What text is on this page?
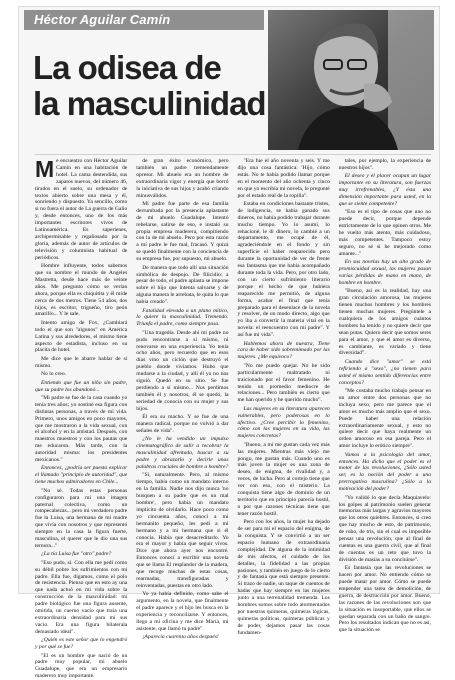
Héctor Aguilar Camín
La odisea de
la masculinidad

Me encuentro con Héctor Aguilar Camín en una habitación de hotel. La cama destendida, sus zapatos nuevos, del número 46, tirados en el suelo, su ordenador de textos abierto sobre una mesa y él, sonriendo y dispuesto. Ya sencillo, como si no fuera el autor de La guerra de Galio y, desde entonces, uno de los más importantes escritores vivos de Latinoamérica. Es saperienes, archipermisable y regañosado por la gloria, además de autor de artículos de televisión y columnista habitual de periódicos.

Hombre influyente, todos sabemos que su nombre el mundo de Angeles Mastretta, desde hace más de veinte años. Me pregunto cómo se verían ahora, porque ella es chiquitita y él mide cerca de dos metros. Tiene 54 años, dos hijos, es escritor, trigueño, tiro peón amarillo... Y le sale.

Intento amigo de Fox, ¿Cambiará todo el que son "algunos" en América Latina y sus alrededores, el mismo tiene aspecto de estadista, incluso en su placita de hotel.

Me dice que le abarre hablar de sí mismo.

No lo creo.

Entiendo que fue un niño sin padre, que su padre los abandonó...

"Mi padre se fue de la casa cuando yo tenía tres años; yo sostiné esa figura con distintas personas, a través de mi vida. Primero, unos amigos en poco mayores, que me mostraron a la vida sexual, con el alcohol y en la amistad. Después, con maestros muestros y con los pautas que me educaron. Más tarde, con la autoridad misma: los presidentes mexicanos."

Entonces, ¿podría ser puesta explicar el llamado "principio de autoridad", que tiene muchos admiradores en Chile...

"No sé. Todas estas personas configuraron para mí una imagen paternal colectiva, como un rompecabezas... pero mi verdadero padre fue la Luisa, una hermana de mi madre que vivía con nosotros y que representó siempre en la casa la figura fuerte, masculina, el querer que le dio una sus ternura..."

¿La tía Luisa fue "otro" padre?

"Eso pudo, sí. Con ella me pedí como su débil pobre los sufrimientos con mi padre. Ella fue, digamos, como el polo de resistencia. Pienso que en esto ay una que nada actuó en mi vida sobre la construcción de la masculinidad: mi padre biológico fue una figura ausente, omitida, un cuerno vacío que traía una extraordinaria densidad para mí sus vacío. Era una figura bilaterala demasiado ideal".

¿Quién es este señor que lo engendró y por qué se fue?

"El es un hombre que nació de un padre muy popular, mi abuelo Guadalupe, que era un empresario maderero muy importante.

de gran éxito económico, pero también un padre tremendamente opresor. Mi abuelo era un hombre de extraordinaria vigor y energía que borró la iniciativa de sus hijos y acabó criando minusválidos.

Mi padre fue parte de esa familia derrumbada por la presencia aplastante de mi abuelo Guadalupe. Intentó rebelarse, salirse de eso, e instaló su propia empresa maderera, compitiendo con la de mi abuelo. Pero por esta razón a mí padre le fue mal, fracasó. Y quizá se quedó finalmente con la conciencia de su empresa fue, por supuesto, mi abuelo.

De manera que todo allí una situación simbólica de despojo. De filicidio: a pesar de todo, el padre aplasta se impone sobre el hijo que intenta salvarse y de alguna manera le arrebata, le quita lo que había creado".

Fatalidad elevada a un plano mítico, lo quiere la masculinidad. Tremendo. Triunfa el padre, como siempre pasa.

"Una tragedia. Desde ahí mi padre no pudo rencontrarse a sí mismo, ni renovarse en una experiencia. Yo tenía ocho años, pero recuerdo que en esos días vino un ciclón que destruyó el pueblo donde vivíamos. Hubo que mudarse a la ciudad, y allí él ya no nos siguió. Quedó en su sitio. Se fue perdiendo a sí mismo... Nos perdimos también él y nosotros, él se quedó, la seriedad de conocía con su mujer y sus hijos.

Él era su macho. Y se fue de una manera radical, porque no volvió a dar señales de vida".

¿No le ha vendido un impulso cinematográfico de salir a recobrar la masculinidad afrentada, buscar a su padre y abrazarlo y decirle unas palabras cruciales de hombre a hombre?

"Sí, naturalmente. Pero, al mismo tiempo, había como un mandato interno en la familia. Nadie nos dijo nunca 'no busquen a su padre que es un mal hombre', pero había un mandato implícito de olvidarlo. Hace poco como yo cincuenta años, conocí a mi hermanito pequeño, les pedí a mi hermano y a mi hermana que si él conocía. Había que desacreditarlo. Yo era el mayor y había que seguir vivos. Dice que ahora ayer nos encontré. Entonces conocí a escribir una novela que se llama El resplandor de la madera, que recoge muchas de estas cosas, rearmadas, transfiguradas y reinventadas, puestas en otro lado.

Yo ya había definido, como sabe el argumento, en la novela, que finalmente el padre aparece y el hijo les busca en la experiencia y reconciliarse. Y entonces, llego a mi oficina y me dice María, mi asistente, que llamó tu padre".

¡Aparecía cuarenta años después!

"Era fue el año noventa y seis. Y me dijo una cosa fantástica: 'Hijo, cómo estás. No te había podido llamar porque en el momento del año ochenta y cinco en que yo escribía mi novela, le pregunté por el estado real de la ropilla".

Estaba en condiciones bastante tristes, de indigencia, se había ganado sus dineros, no había podido trabajar durante mucho tiempo. Yo lo asumí, lo rehacioné, le di dinero, lo cambié a un departamento, me ocupé de él, agradeciéndole en el fondo y sin superficie el haber reaparecido pero durante la oportunidad de ver de frente esa fantasma que me había acompañado durante toda la vida. Pero, por otro lado, con un cierto sufrimiento literario porque el hecho de que hubiera reaparecido me permitió, de alguna forma, acabar el final que tenía preparado para el desenlace de la novela y resolver, de un modo directo, algo que yo iba a convertir la materia vital en la novela: el reencuentro con mi padre". Y así fue mi vida".

Hablemos ahora de nuestra, Tiene cara de haber sido sobremimado por las mujeres. ¿Me equivoco?

"No me puedo quejar. No he sido particularmente maltratado ni traicionado por el favor femenino. He tenido un promedio mediocre de relaciones... Pero también es cierto que me han querido y he querido mucho".

Las mujeres en su literatura aparecen vulnerables, pero poderosas en lo afectivo. ¿Cree percibir lo femenino, cómo son las mujeres en su vida, las mujeres concretas?

"Bueno, a mí me gustan cada vez más las mujeres. Mientras más viejo me pongo, me gustan más. Cuando uno es más joven la mujer es una zona de deseo, de enigma, de rivalidad y, a veces, de lucha. Pero al cortejo tiene que ver con eso, con el misterio. La conquista tiene algo de dominio de un territorio que en principio parecía hostil, o por que razones técnicas tiene que tener razón hostil.

Pero con los años, la mujer ha dejado de ser para mí el espacio del enigma, de la conquista. Y se convirtió a un ser espacio humano de extraordinaria complejidad. De alguna de la intimidad de mis afectos, el cuidado de los detalles, la fidelidad a las propias pasiones, y también en juego de lo cierto y de fantasía que está siempre presente. Si trazo de nadie, un taque de cuentos de hadas que hay siempre en las mujeres junto a una terrenalidad tremenda. Los hombres somos sobre todo atormentados por nuestras quimeras, quimeras lógicas, quimeras políticas, quimeras públicas y de poder, dejamos pasar las cosas fundamen-

tales, por ejemplo, la experiencia de nuestros hijos".

El deseo y el placer ocupan un lugar importante en su literatura, son fuerzas muy irrefrenables, ¿Y ésta una dimensión importante para usted, en la que se siente competente?

"Eso es el tipo de cosas que uno no puede decir, porque depende estrictamente de lo que opinen otros. Me he vuelto más atento, más cuidadoso, más competentes. Tampoco estoy seguro, no sé si he mejorado como amante..."

En sus novelas hay un alto grado de promiscuidad sexual, las mujeres pasan varias pérdidas de mano en mano, de hombre en hombre.

"Bueno, así es la realidad, hay una gran circulación amorosa, las mujeres tienen muchos hombres y los hombres tienen muchas mujeres. Pregúntele a cualquiera de los amigos cuántos hombres ha tenido y no quiere decir que sean putas. Quiero decir que somos seres para el amor, y que el amor es diverso, es cambiante, es variado y tiene diversidad".

Cuando dice "amor" se está refiriendo a "sexo", ¿no tienen para usted el mismo sentido diferencias entre conceptos?

"Me costaba mucho trabajo pensar en un amor entre dos personas que no incluya sexo, pero me parece que el amor es mucho más amplio que el sexo. Puede haber una relación extraordinariamente sexual, y esto no quiere decir que haya realmente un orden amoroso en esa pareja. Pero el amor incluye lo erótico siempre".

Vamos a la psicología del amor, entonces. Ha dicho que el poder es el motor de las revoluciones, ¿Sólo usted ser, es la noción del poder a una prerrogativa masculina? ¿Sólo a la motivación del poder?

"Yo validó lo que decía Maquiavelo: los golpes al patrimonio suelen generar memorias más largas y agravios mayores que los otros quiebres. Entonces, si creo que hay mucho de esto, de patrimonio, de robo, de tris, sin el cual es imposible pensar una revolución, que al final de cuentas es una guerra civil, que al final de cuentas es un reto que tuvo la división de masías a su concluirse".

Es fantasía que las revoluciones se hacen por amor. No entiendo cómo se puede matar por amor. Cómo se puede empender una tarea de demolición, de guerra, de destrucción por amor. Bueno, las razones de las revoluciones son que la situación es insoportable, que ellos se quedan separada con un baño de sangre. Pero los resultados indican que no es así, que la situación se
